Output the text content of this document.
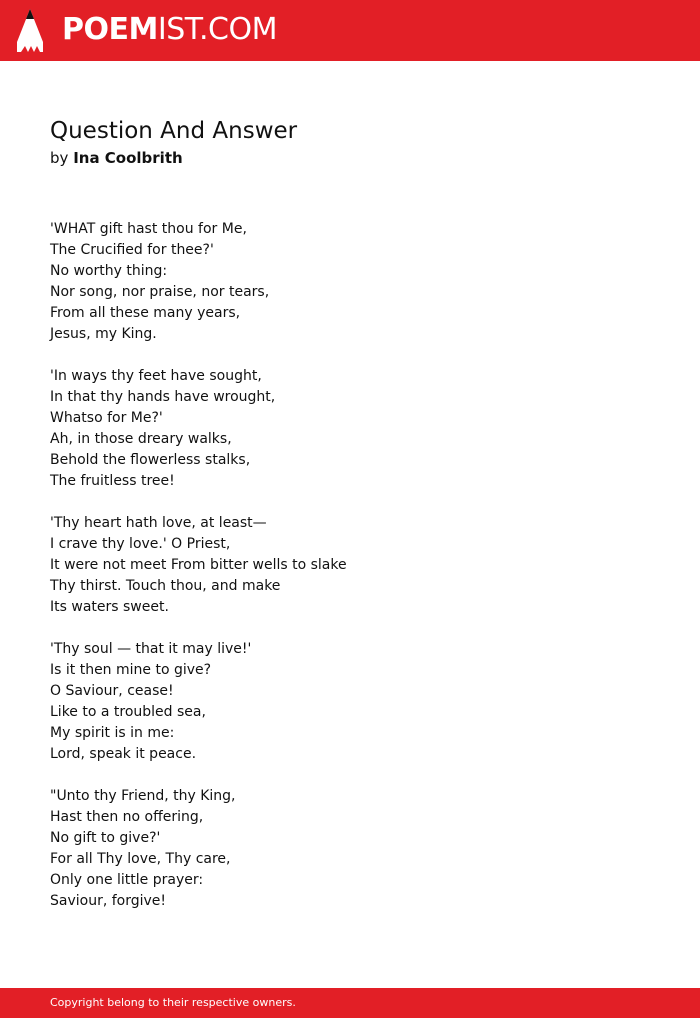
POEMIST.COM
Question And Answer

by Ina Coolbrith

'WHAT gift hast thou for Me,
The Crucified for thee?'
No worthy thing:
Nor song, nor praise, nor tears,
From all these many years,
Jesus, my King.
'In ways thy feet have sought,
In that thy hands have wrought,
Whatso for Me?'
Ah, in those dreary walks,
Behold the flowerless stalks,
The fruitless tree!
'Thy heart hath love, at least—
I crave thy love.' O Priest,
It were not meet From bitter wells to slake
Thy thirst. Touch thou, and make
Its waters sweet.
'Thy soul — that it may live!'
Is it then mine to give?
O Saviour, cease!
Like to a troubled sea,
My spirit is in me:
Lord, speak it peace.
"Unto thy Friend, thy King,
Hast then no offering,
No gift to give?'
For all Thy love, Thy care,
Only one little prayer:
Saviour, forgive!
Copyright belong to their respective owners.
